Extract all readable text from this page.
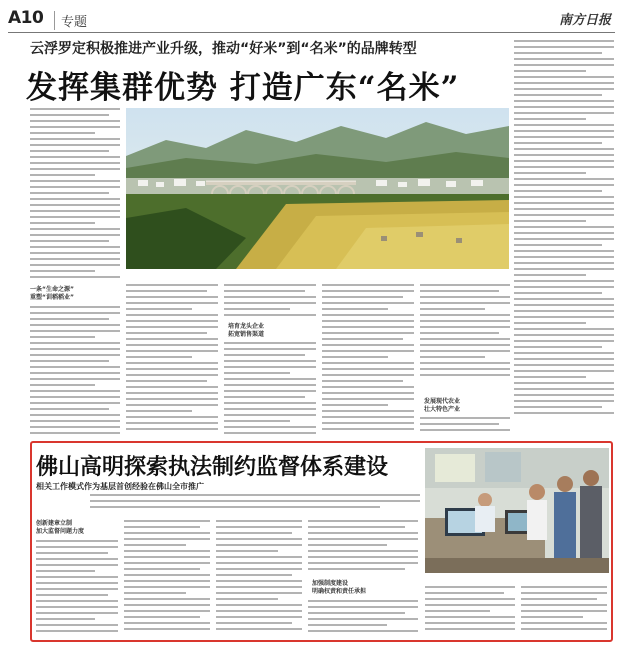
A10	专题	南方日报
云浮罗定积极推进产业升级，推动“好米”到“名米”的品牌转型
发挥集群优势 打造广东“名米”
一条“生命之源”
重塑“训稻稻业”
培育龙头企业
拓宽销售渠道
发展现代农业
壮大特色产业
佛山高明探索执法制约监督体系建设
相关工作模式作为基层首创经验在佛山全市推广
创新建章立制
加大监督问题力度
加强制度建设
明确权责和责任承担
